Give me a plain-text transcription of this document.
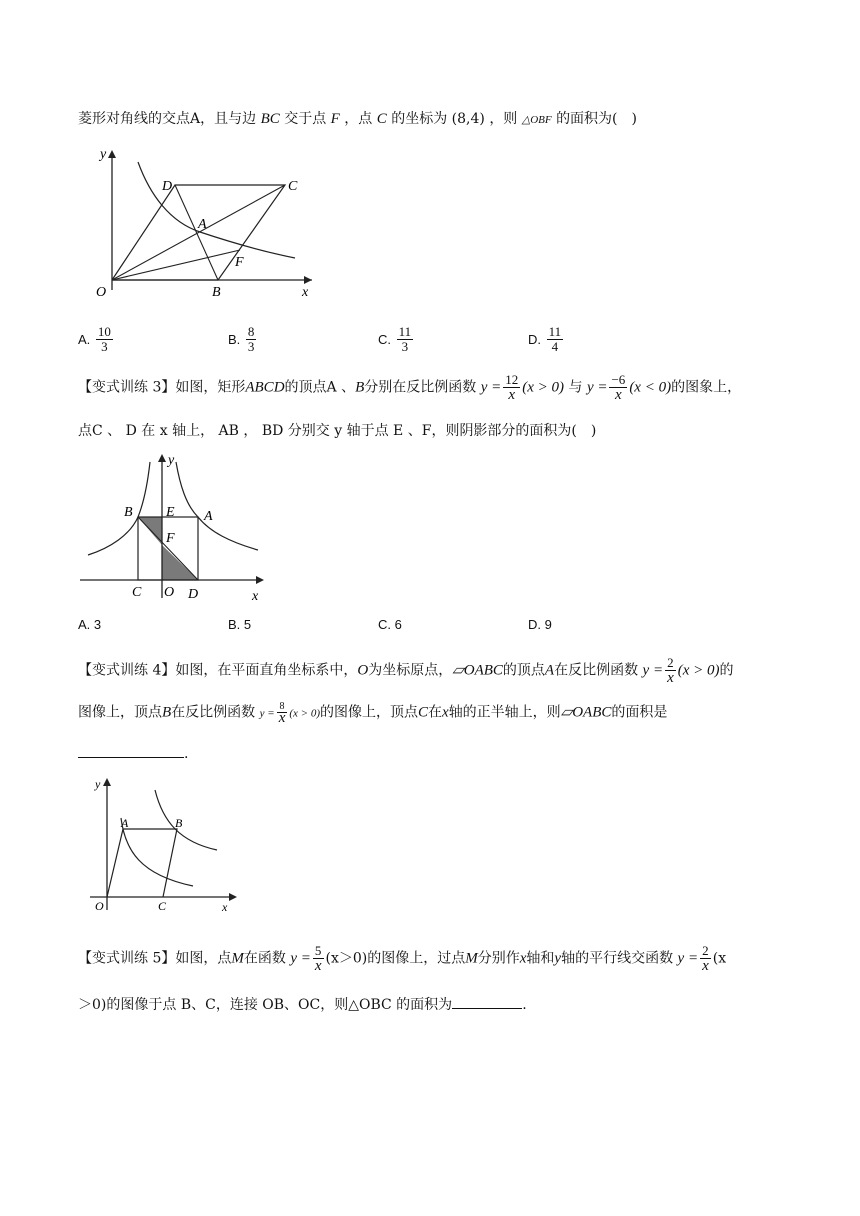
菱形对角线的交点A，且与边 BC 交于点 F ，点 C 的坐标为 (8,4) ，则 △OBF 的面积为(　)
y
D	C
A
F
O	B	x
A. $\frac{10}{3}$	B. $\frac{8}{3}$	C. $\frac{11}{3}$	D. $\frac{11}{4}$
【变式训练 3】如图，矩形ABCD的顶点A 、B分别在反比例函数 $y = \frac{12}{x} (x > 0)$ 与 $y = \frac{-6}{x} (x < 0)$的图象上，
点C 、 D 在 x 轴上， AB ， BD 分别交 y 轴于点 E 、F，则阴影部分的面积为(　)
y
B E A
F
C O D	x
A. 3	B. 5	C. 6	D. 9
【变式训练 4】如图，在平面直角坐标系中，O为坐标原点，▱OABC的顶点A在反比例函数 $y = \frac{2}{x} (x > 0)$的
图像上，顶点B在反比例函数 $y = \frac{8}{x} (x > 0)$的图像上，顶点C在x轴的正半轴上，则▱OABC的面积是
.
y
A	B
O	C	x
【变式训练 5】如图，点M在函数 $y = \frac{5}{x} (x>0)$的图像上，过点M分别作x轴和y轴的平行线交函数 $y = \frac{2}{x} (x$
＞0)的图像于点 B、C，连接 OB、OC，则△OBC 的面积为	.
